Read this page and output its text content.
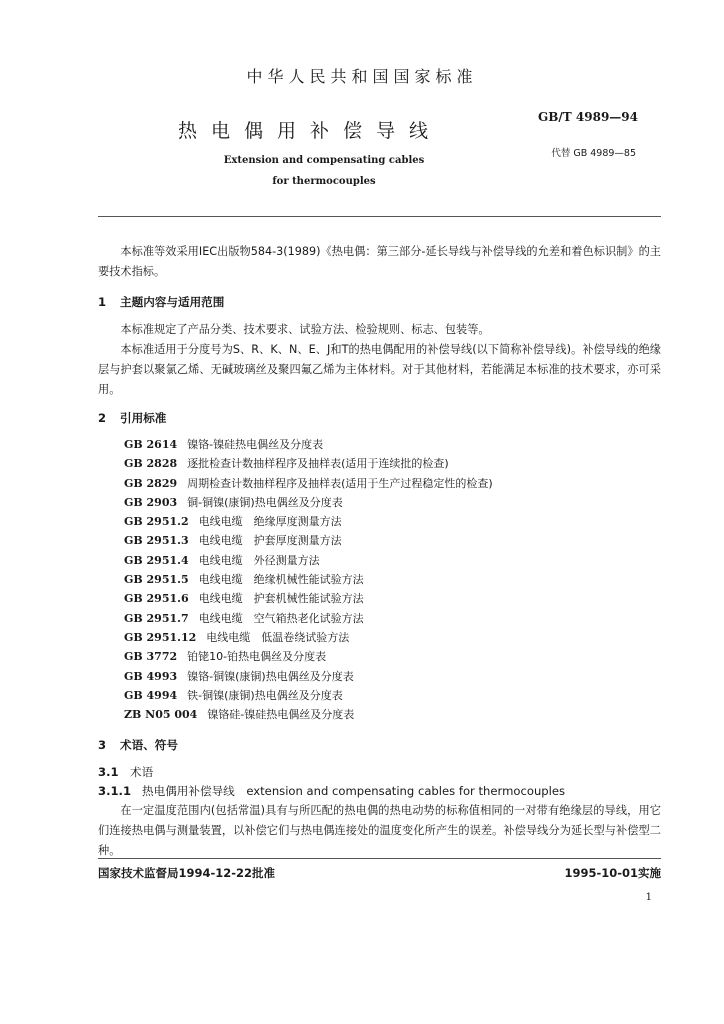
中华人民共和国国家标准
热电偶用补偿导线
GB/T 4989—94
代替 GB 4989—85
Extension and compensating cables
for thermocouples
本标准等效采用IEC出版物584-3(1989)《热电偶：第三部分-延长导线与补偿导线的允差和着色标识制》的主要技术指标。
1 主题内容与适用范围
本标准规定了产品分类、技术要求、试验方法、检验规则、标志、包装等。
本标准适用于分度号为S、R、K、N、E、J和T的热电偶配用的补偿导线(以下简称补偿导线)。补偿导线的绝缘层与护套以聚氯乙烯、无碱玻璃丝及聚四氟乙烯为主体材料。对于其他材料，若能满足本标准的技术要求，亦可采用。
2 引用标准
GB 2614 镍铬-镍硅热电偶丝及分度表
GB 2828 逐批检查计数抽样程序及抽样表(适用于连续批的检查)
GB 2829 周期检查计数抽样程序及抽样表(适用于生产过程稳定性的检查)
GB 2903 铜-铜镍(康铜)热电偶丝及分度表
GB 2951.2 电线电缆　绝缘厚度测量方法
GB 2951.3 电线电缆　护套厚度测量方法
GB 2951.4 电线电缆　外径测量方法
GB 2951.5 电线电缆　绝缘机械性能试验方法
GB 2951.6 电线电缆　护套机械性能试验方法
GB 2951.7 电线电缆　空气箱热老化试验方法
GB 2951.12 电线电缆　低温卷绕试验方法
GB 3772 铂铑10-铂热电偶丝及分度表
GB 4993 镍铬-铜镍(康铜)热电偶丝及分度表
GB 4994 铁-铜镍(康铜)热电偶丝及分度表
ZB N05 004 镍铬硅-镍硅热电偶丝及分度表
3 术语、符号
3.1 术语
3.1.1 热电偶用补偿导线　extension and compensating cables for thermocouples
在一定温度范围内(包括常温)具有与所匹配的热电偶的热电动势的标称值相同的一对带有绝缘层的导线，用它们连接热电偶与测量装置，以补偿它们与热电偶连接处的温度变化所产生的误差。补偿导线分为延长型与补偿型二种。
国家技术监督局1994-12-22批准	1995-10-01实施
1
